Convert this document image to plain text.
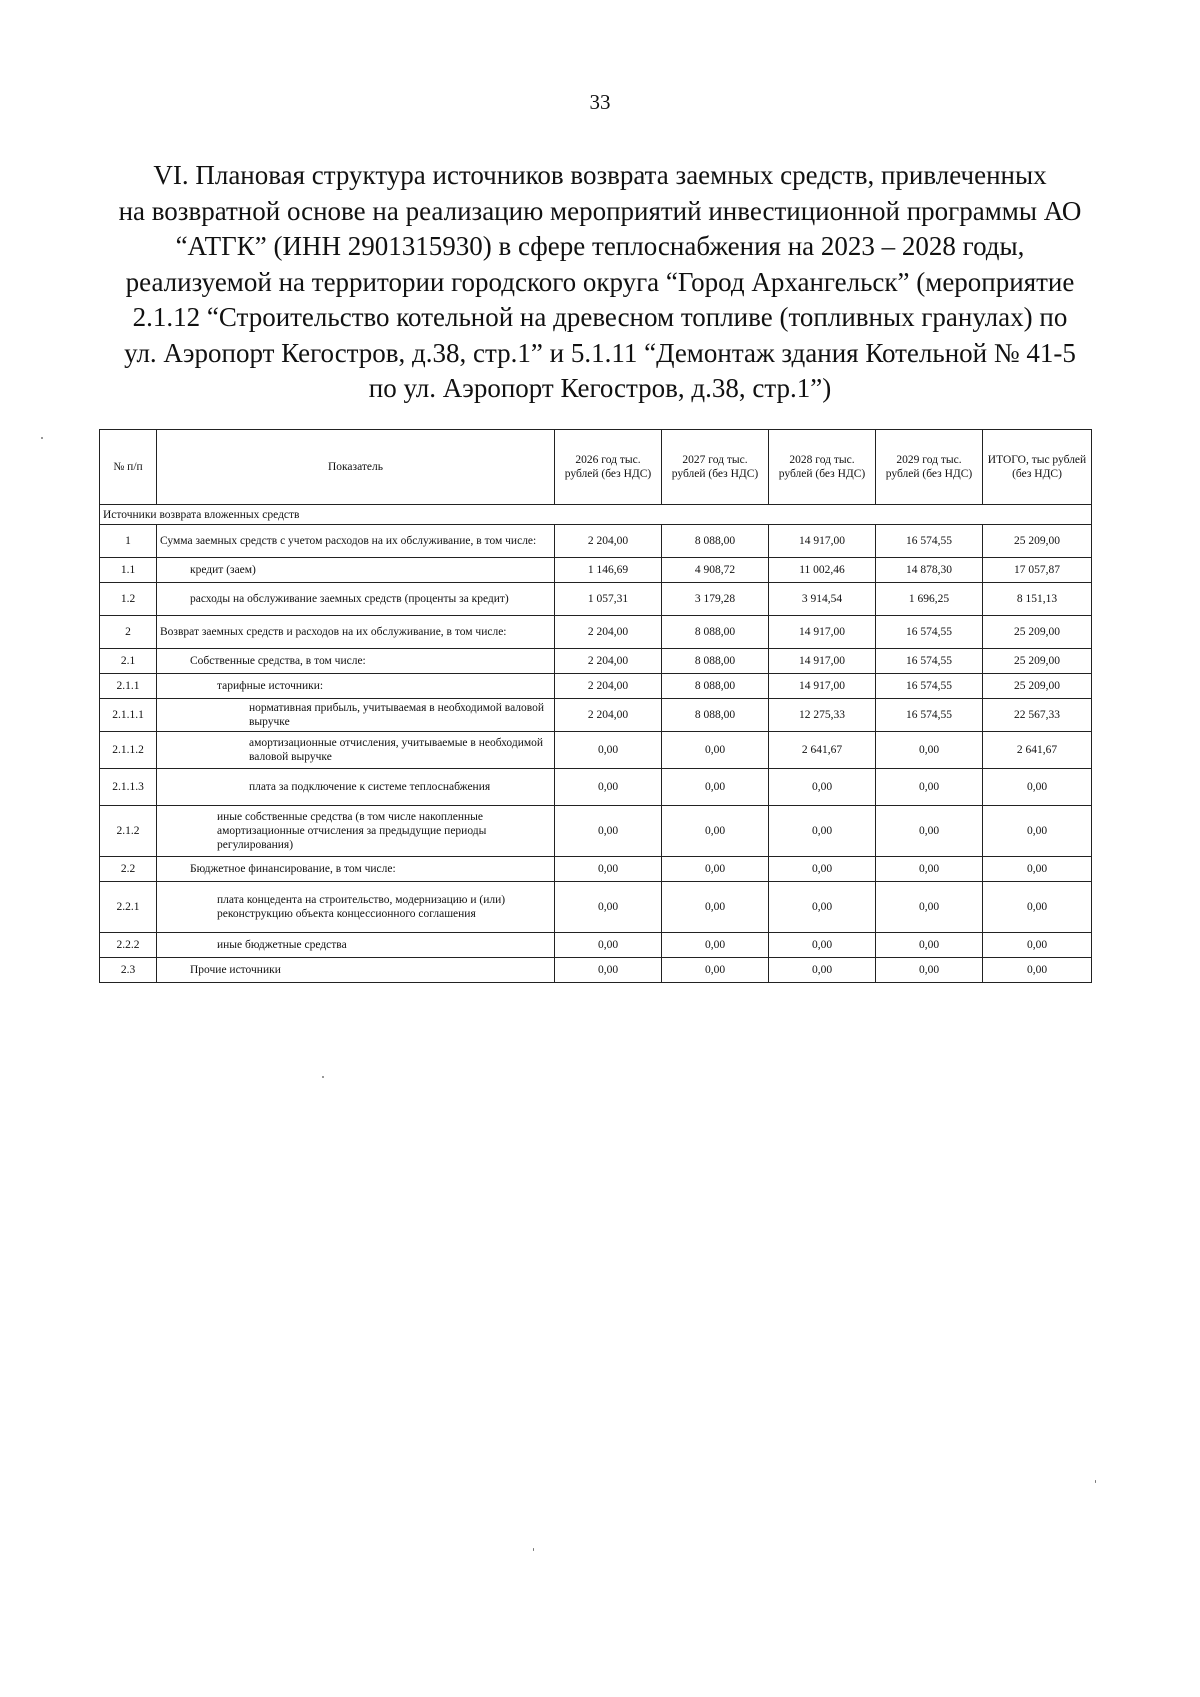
33
VI. Плановая структура источников возврата заемных средств, привлеченных
на возвратной основе на реализацию мероприятий инвестиционной программы АО
“АТГК” (ИНН 2901315930) в сфере теплоснабжения на 2023 – 2028 годы,
реализуемой на территории городского округа “Город Архангельск” (мероприятие
2.1.12 “Строительство котельной на древесном топливе (топливных гранулах) по
ул. Аэропорт Кегостров, д.38, стр.1” и 5.1.11 “Демонтаж здания Котельной № 41-5
по ул. Аэропорт Кегостров, д.38, стр.1”)
№ п/п	Показатель	2026 год тыс. рублей (без НДС)	2027 год тыс. рублей (без НДС)	2028 год тыс. рублей (без НДС)	2029 год тыс. рублей (без НДС)	ИТОГО, тыс рублей (без НДС)
Источники возврата вложенных средств						
1	Сумма заемных средств с учетом расходов на их обслуживание, в том числе:	2 204,00	8 088,00	14 917,00	16 574,55	25 209,00
1.1	кредит (заем)	1 146,69	4 908,72	11 002,46	14 878,30	17 057,87
1.2	расходы на обслуживание заемных средств (проценты за кредит)	1 057,31	3 179,28	3 914,54	1 696,25	8 151,13
2	Возврат заемных средств и расходов на их обслуживание, в том числе:	2 204,00	8 088,00	14 917,00	16 574,55	25 209,00
2.1	Собственные средства, в том числе:	2 204,00	8 088,00	14 917,00	16 574,55	25 209,00
2.1.1	тарифные источники:	2 204,00	8 088,00	14 917,00	16 574,55	25 209,00
2.1.1.1	нормативная прибыль, учитываемая в необходимой валовой выручке	2 204,00	8 088,00	12 275,33	16 574,55	22 567,33
2.1.1.2	амортизационные отчисления, учитываемые в необходимой валовой выручке	0,00	0,00	2 641,67	0,00	2 641,67
2.1.1.3	плата за подключение к системе теплоснабжения	0,00	0,00	0,00	0,00	0,00
2.1.2	иные собственные средства (в том числе накопленные амортизационные отчисления за предыдущие периоды регулирования)	0,00	0,00	0,00	0,00	0,00
2.2	Бюджетное финансирование, в том числе:	0,00	0,00	0,00	0,00	0,00
2.2.1	плата концедента на строительство, модернизацию и (или) реконструкцию объекта концессионного соглашения	0,00	0,00	0,00	0,00	0,00
2.2.2	иные бюджетные средства	0,00	0,00	0,00	0,00	0,00
2.3	Прочие источники	0,00	0,00	0,00	0,00	0,00
